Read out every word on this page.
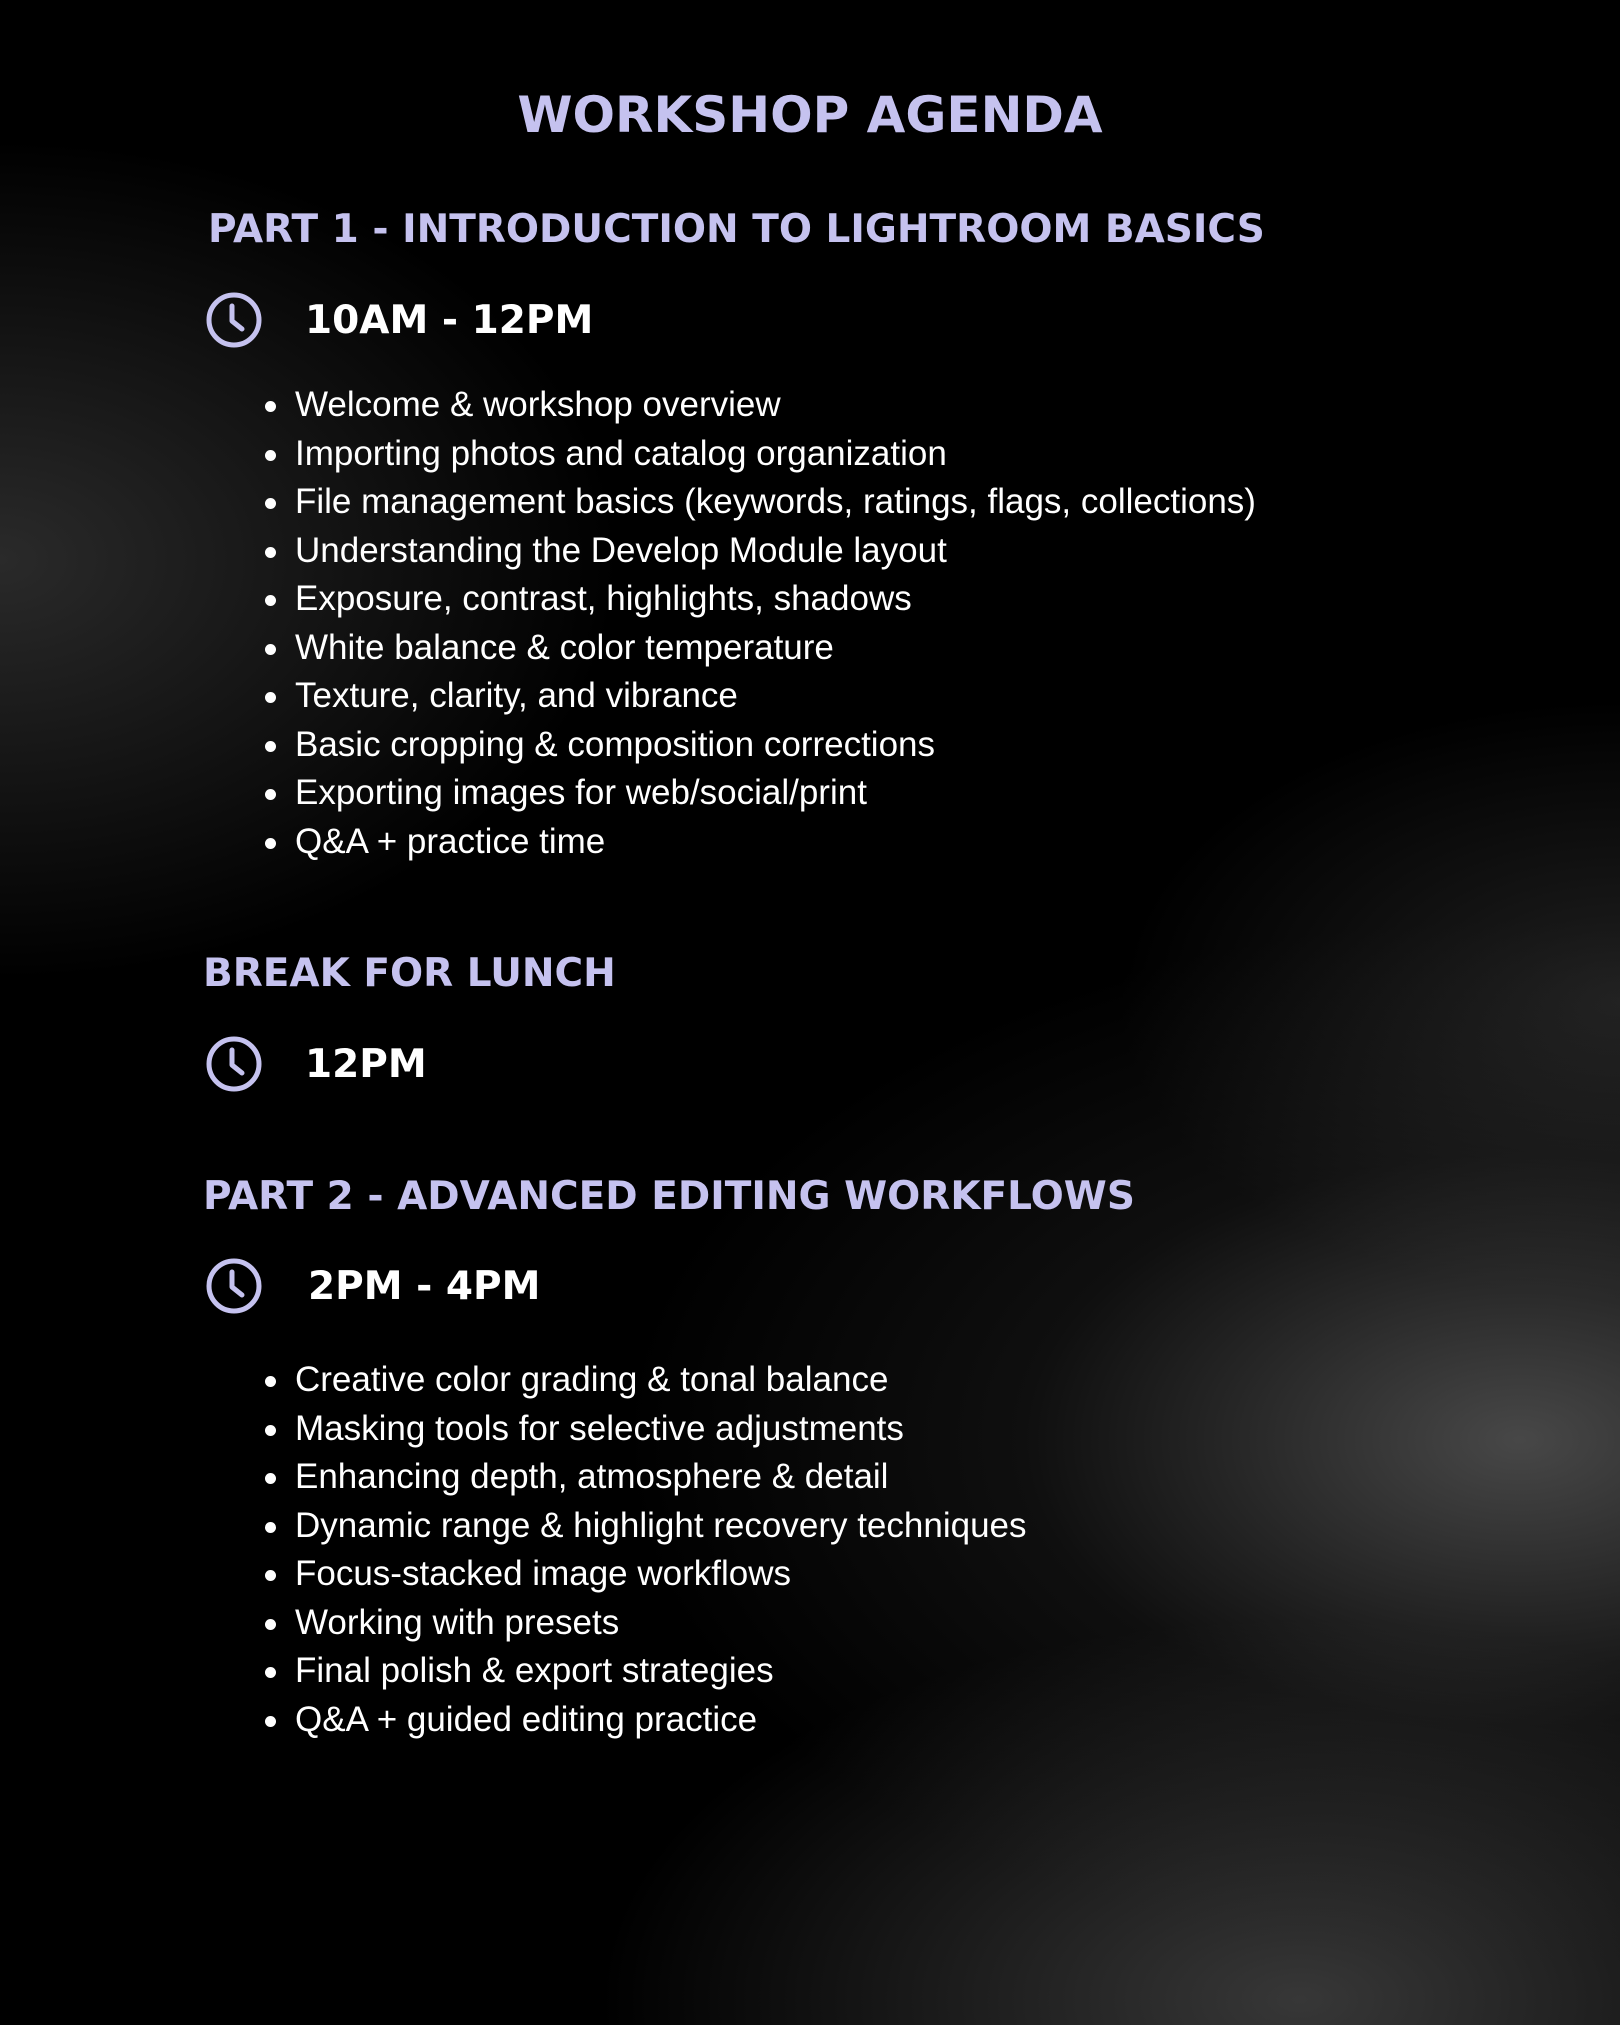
WORKSHOP AGENDA
PART 1 - INTRODUCTION TO LIGHTROOM BASICS
10AM - 12PM
Welcome & workshop overview
Importing photos and catalog organization
File management basics (keywords, ratings, flags, collections)
Understanding the Develop Module layout
Exposure, contrast, highlights, shadows
White balance & color temperature
Texture, clarity, and vibrance
Basic cropping & composition corrections
Exporting images for web/social/print
Q&A + practice time
BREAK FOR LUNCH
12PM
PART 2 - ADVANCED EDITING WORKFLOWS
2PM - 4PM
Creative color grading & tonal balance
Masking tools for selective adjustments
Enhancing depth, atmosphere & detail
Dynamic range & highlight recovery techniques
Focus-stacked image workflows
Working with presets
Final polish & export strategies
Q&A + guided editing practice
